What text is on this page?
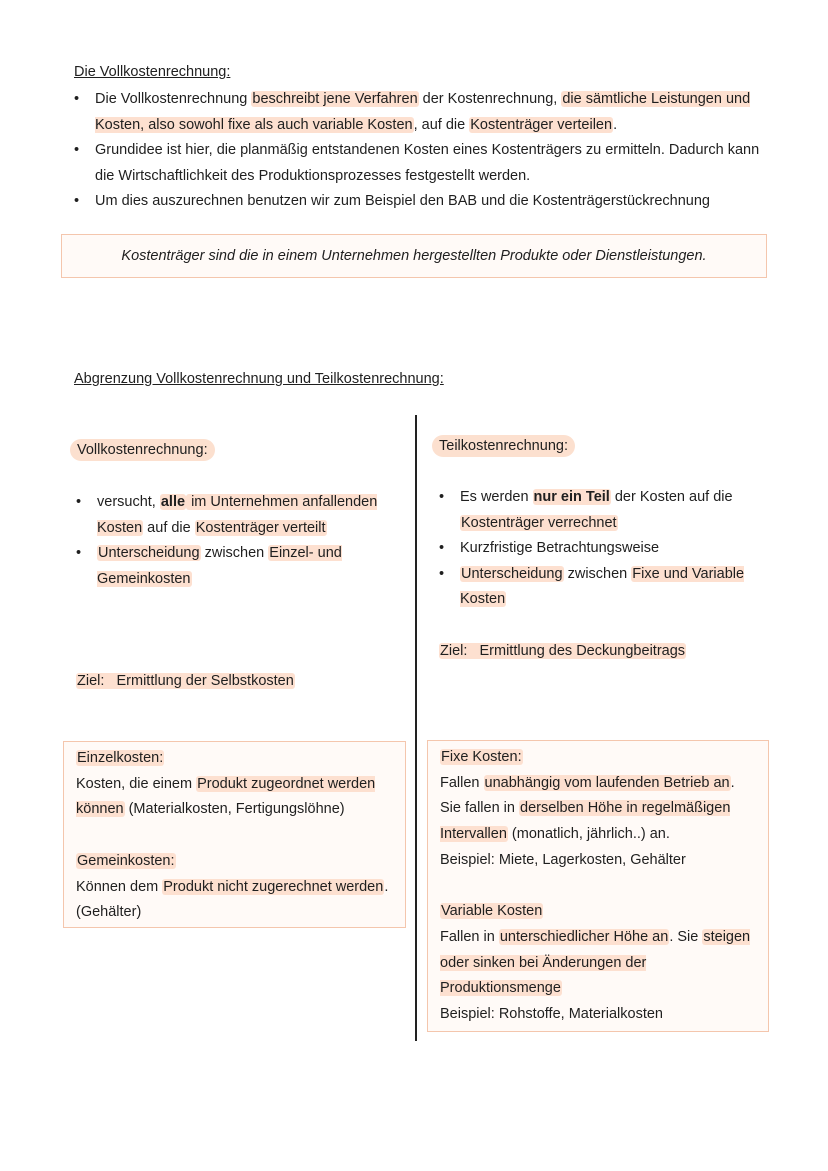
Die Vollkostenrechnung:
• Die Vollkostenrechnung beschreibt jene Verfahren der Kostenrechnung, die sämtliche Leistungen und Kosten, also sowohl fixe als auch variable Kosten, auf die Kostenträger verteilen.
• Grundidee ist hier, die planmäßig entstandenen Kosten eines Kostenträgers zu ermitteln. Dadurch kann die Wirtschaftlichkeit des Produktionsprozesses festgestellt werden.
• Um dies auszurechnen benutzen wir zum Beispiel den BAB und die Kostenträgerstückrechnung
Kostenträger sind die in einem Unternehmen hergestellten Produkte oder Dienstleistungen.
Abgrenzung Vollkostenrechnung und Teilkostenrechnung:
Vollkostenrechnung:
• versucht, alle im Unternehmen anfallenden Kosten auf die Kostenträger verteilt
• Unterscheidung zwischen Einzel- und Gemeinkosten
Ziel: Ermittlung der Selbstkosten

Einzelkosten:

Kosten, die einem Produkt zugeordnet werden können (Materialkosten, Fertigungslöhne)

Gemeinkosten:

Können dem Produkt nicht zugerechnet werden. (Gehälter)

Teilkostenrechnung:
• Es werden nur ein Teil der Kosten auf die Kostenträger verrechnet
• Kurzfristige Betrachtungsweise
• Unterscheidung zwischen Fixe und Variable Kosten
Ziel: Ermittlung des Deckungbeitrags

Fixe Kosten:

Fallen unabhängig vom laufenden Betrieb an.

Sie fallen in derselben Höhe in regelmäßigen Intervallen (monatlich, jährlich..) an.

Beispiel: Miete, Lagerkosten, Gehälter

Variable Kosten

Fallen in unterschiedlicher Höhe an. Sie steigen oder sinken bei Änderungen der Produktionsmenge

Beispiel: Rohstoffe, Materialkosten
